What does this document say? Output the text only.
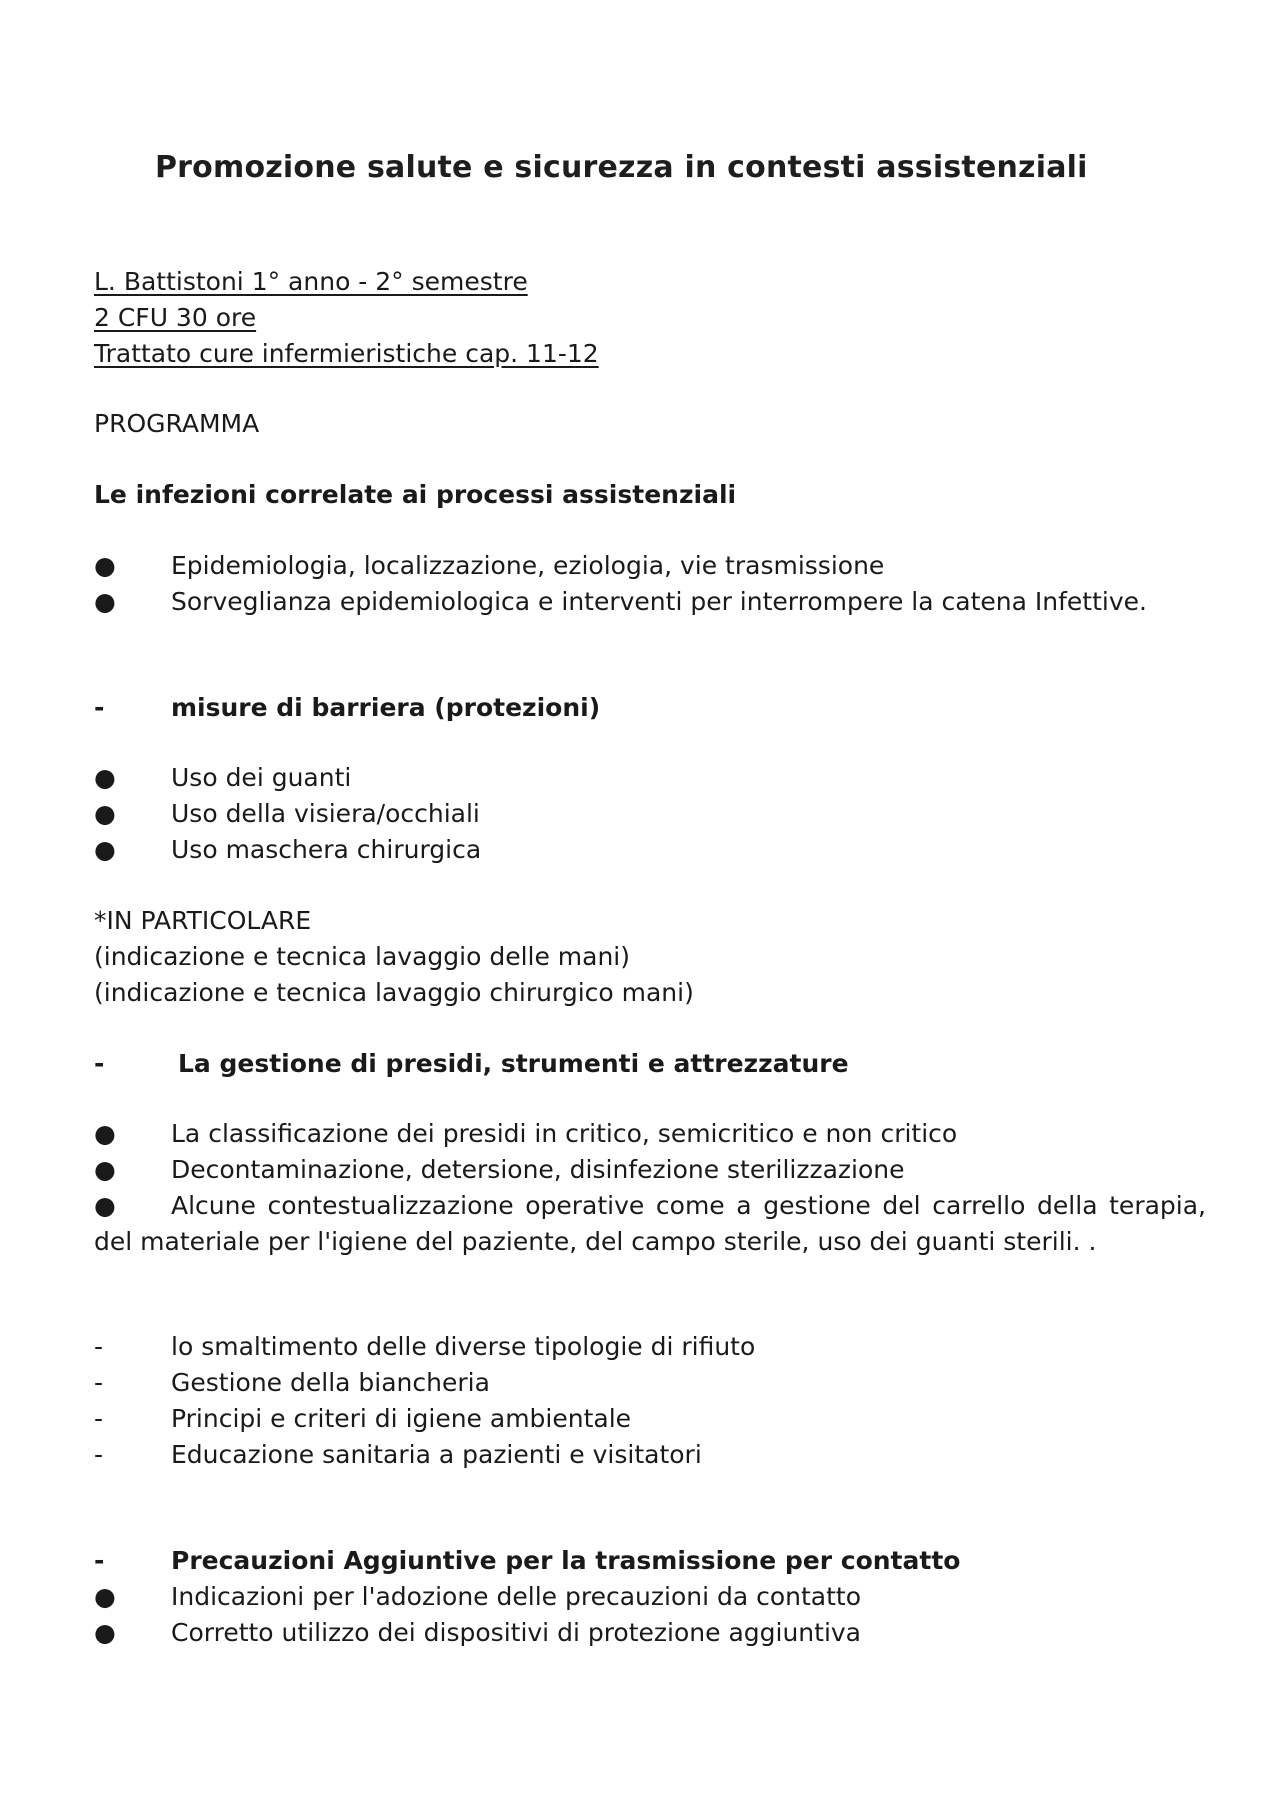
Promozione salute e sicurezza in contesti assistenziali
L. Battistoni 1° anno - 2° semestre
2 CFU 30 ore
Trattato cure infermieristiche cap. 11-12
PROGRAMMA
Le infezioni correlate ai processi assistenziali
●	Epidemiologia, localizzazione, eziologia, vie trasmissione
● Sorveglianza epidemiologica e interventi per interrompere la catena Infettive.
-	misure di barriera (protezioni)
●	Uso dei guanti
●	Uso della visiera/occhiali
●	Uso maschera chirurgica
*IN PARTICOLARE
(indicazione e tecnica lavaggio delle mani)
(indicazione e tecnica lavaggio chirurgico mani)
-	La gestione di presidi, strumenti e attrezzature
●	La classificazione dei presidi in critico, semicritico e non critico
●	Decontaminazione, detersione, disinfezione sterilizzazione
● Alcune contestualizzazione operative come a gestione del carrello della terapia, del materiale per l'igiene del paziente, del campo sterile, uso dei guanti sterili. .
-	lo smaltimento delle diverse tipologie di rifiuto
-	Gestione della biancheria
-	Principi e criteri di igiene ambientale
-	Educazione sanitaria a pazienti e visitatori
-	Precauzioni Aggiuntive per la trasmissione per contatto
●	Indicazioni per l'adozione delle precauzioni da contatto
●	Corretto utilizzo dei dispositivi di protezione aggiuntiva
